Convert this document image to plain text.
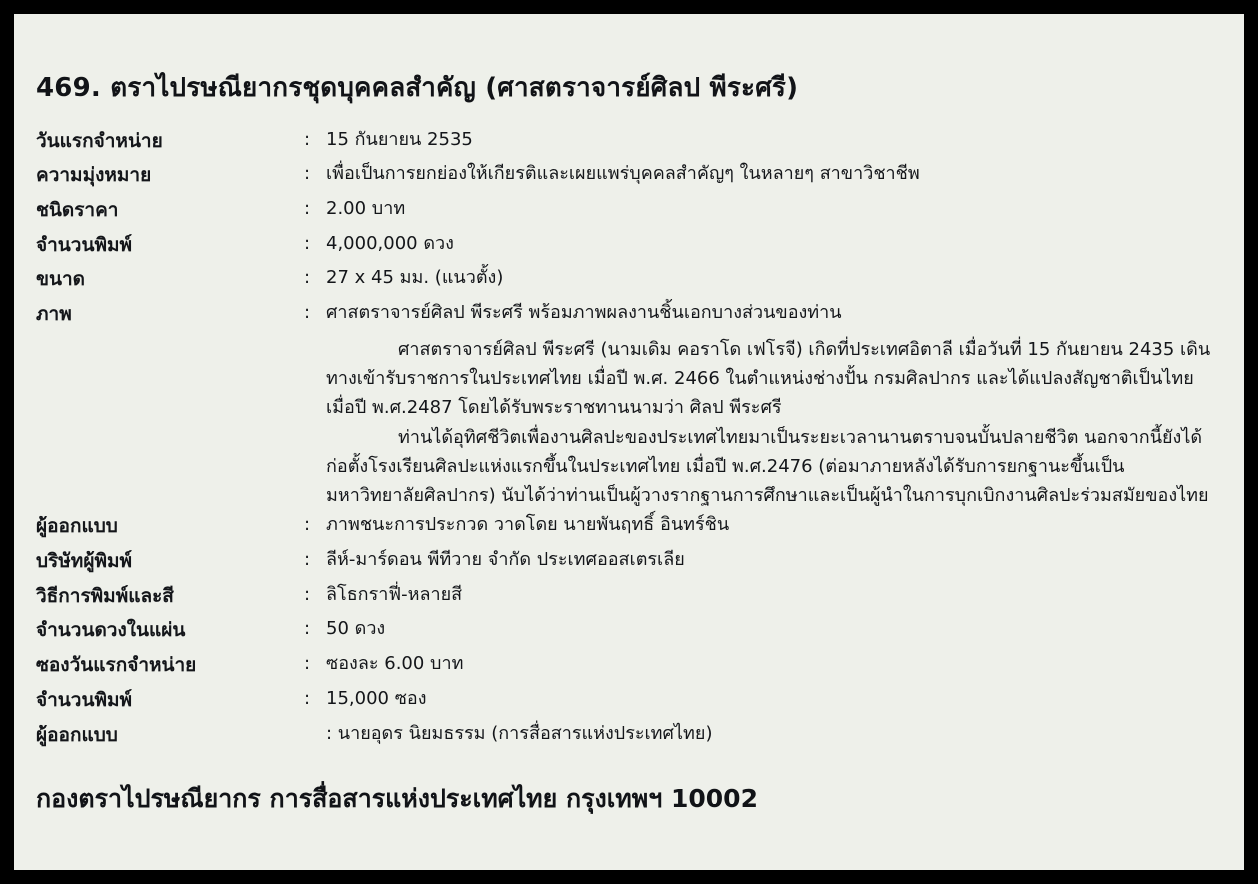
469. ตราไปรษณียากรชุดบุคคลสำคัญ (ศาสตราจารย์ศิลป พีระศรี)
วันแรกจำหน่าย	:	15 กันยายน 2535
ความมุ่งหมาย	:	เพื่อเป็นการยกย่องให้เกียรติและเผยแพร่บุคคลสำคัญๆ ในหลายๆ สาขาวิชาชีพ
ชนิดราคา	:	2.00 บาท
จำนวนพิมพ์	:	4,000,000 ดวง
ขนาด	:	27 x 45 มม. (แนวตั้ง)
ภาพ	:	ศาสตราจารย์ศิลป พีระศรี พร้อมภาพผลงานชิ้นเอกบางส่วนของท่าน

		ศาสตราจารย์ศิลป พีระศรี (นามเดิม คอราโด เฟโรจี) เกิดที่ประเทศอิตาลี เมื่อวันที่ 15 กันยายน 2435 เดินทางเข้ารับราชการในประเทศไทย เมื่อปี พ.ศ. 2466 ในตำแหน่งช่างปั้น กรมศิลปากร และได้แปลงสัญชาติเป็นไทยเมื่อปี พ.ศ.2487 โดยได้รับพระราชทานนามว่า ศิลป พีระศรี
ท่านได้อุทิศชีวิตเพื่องานศิลปะของประเทศไทยมาเป็นระยะเวลานานตราบจนบั้นปลายชีวิต นอกจากนี้ยังได้ก่อตั้งโรงเรียนศิลปะแห่งแรกขึ้นในประเทศไทย เมื่อปี พ.ศ.2476 (ต่อมาภายหลังได้รับการยกฐานะขึ้นเป็นมหาวิทยาลัยศิลปากร) นับได้ว่าท่านเป็นผู้วางรากฐานการศึกษาและเป็นผู้นำในการบุกเบิกงานศิลปะร่วมสมัยของไทย

ผู้ออกแบบ	:	ภาพชนะการประกวด วาดโดย นายพันฤทธิ์ อินทร์ชิน
บริษัทผู้พิมพ์	:	ลีห์-มาร์ดอน พีทีวาย จำกัด ประเทศออสเตรเลีย
วิธีการพิมพ์และสี	:	ลิโธกราฟี่-หลายสี
จำนวนดวงในแผ่น	:	50 ดวง
ซองวันแรกจำหน่าย	:	ซองละ 6.00 บาท
จำนวนพิมพ์	:	15,000 ซอง
ผู้ออกแบบ		: นายอุดร นิยมธรรม (การสื่อสารแห่งประเทศไทย)
กองตราไปรษณียากร การสื่อสารแห่งประเทศไทย กรุงเทพฯ 10002
